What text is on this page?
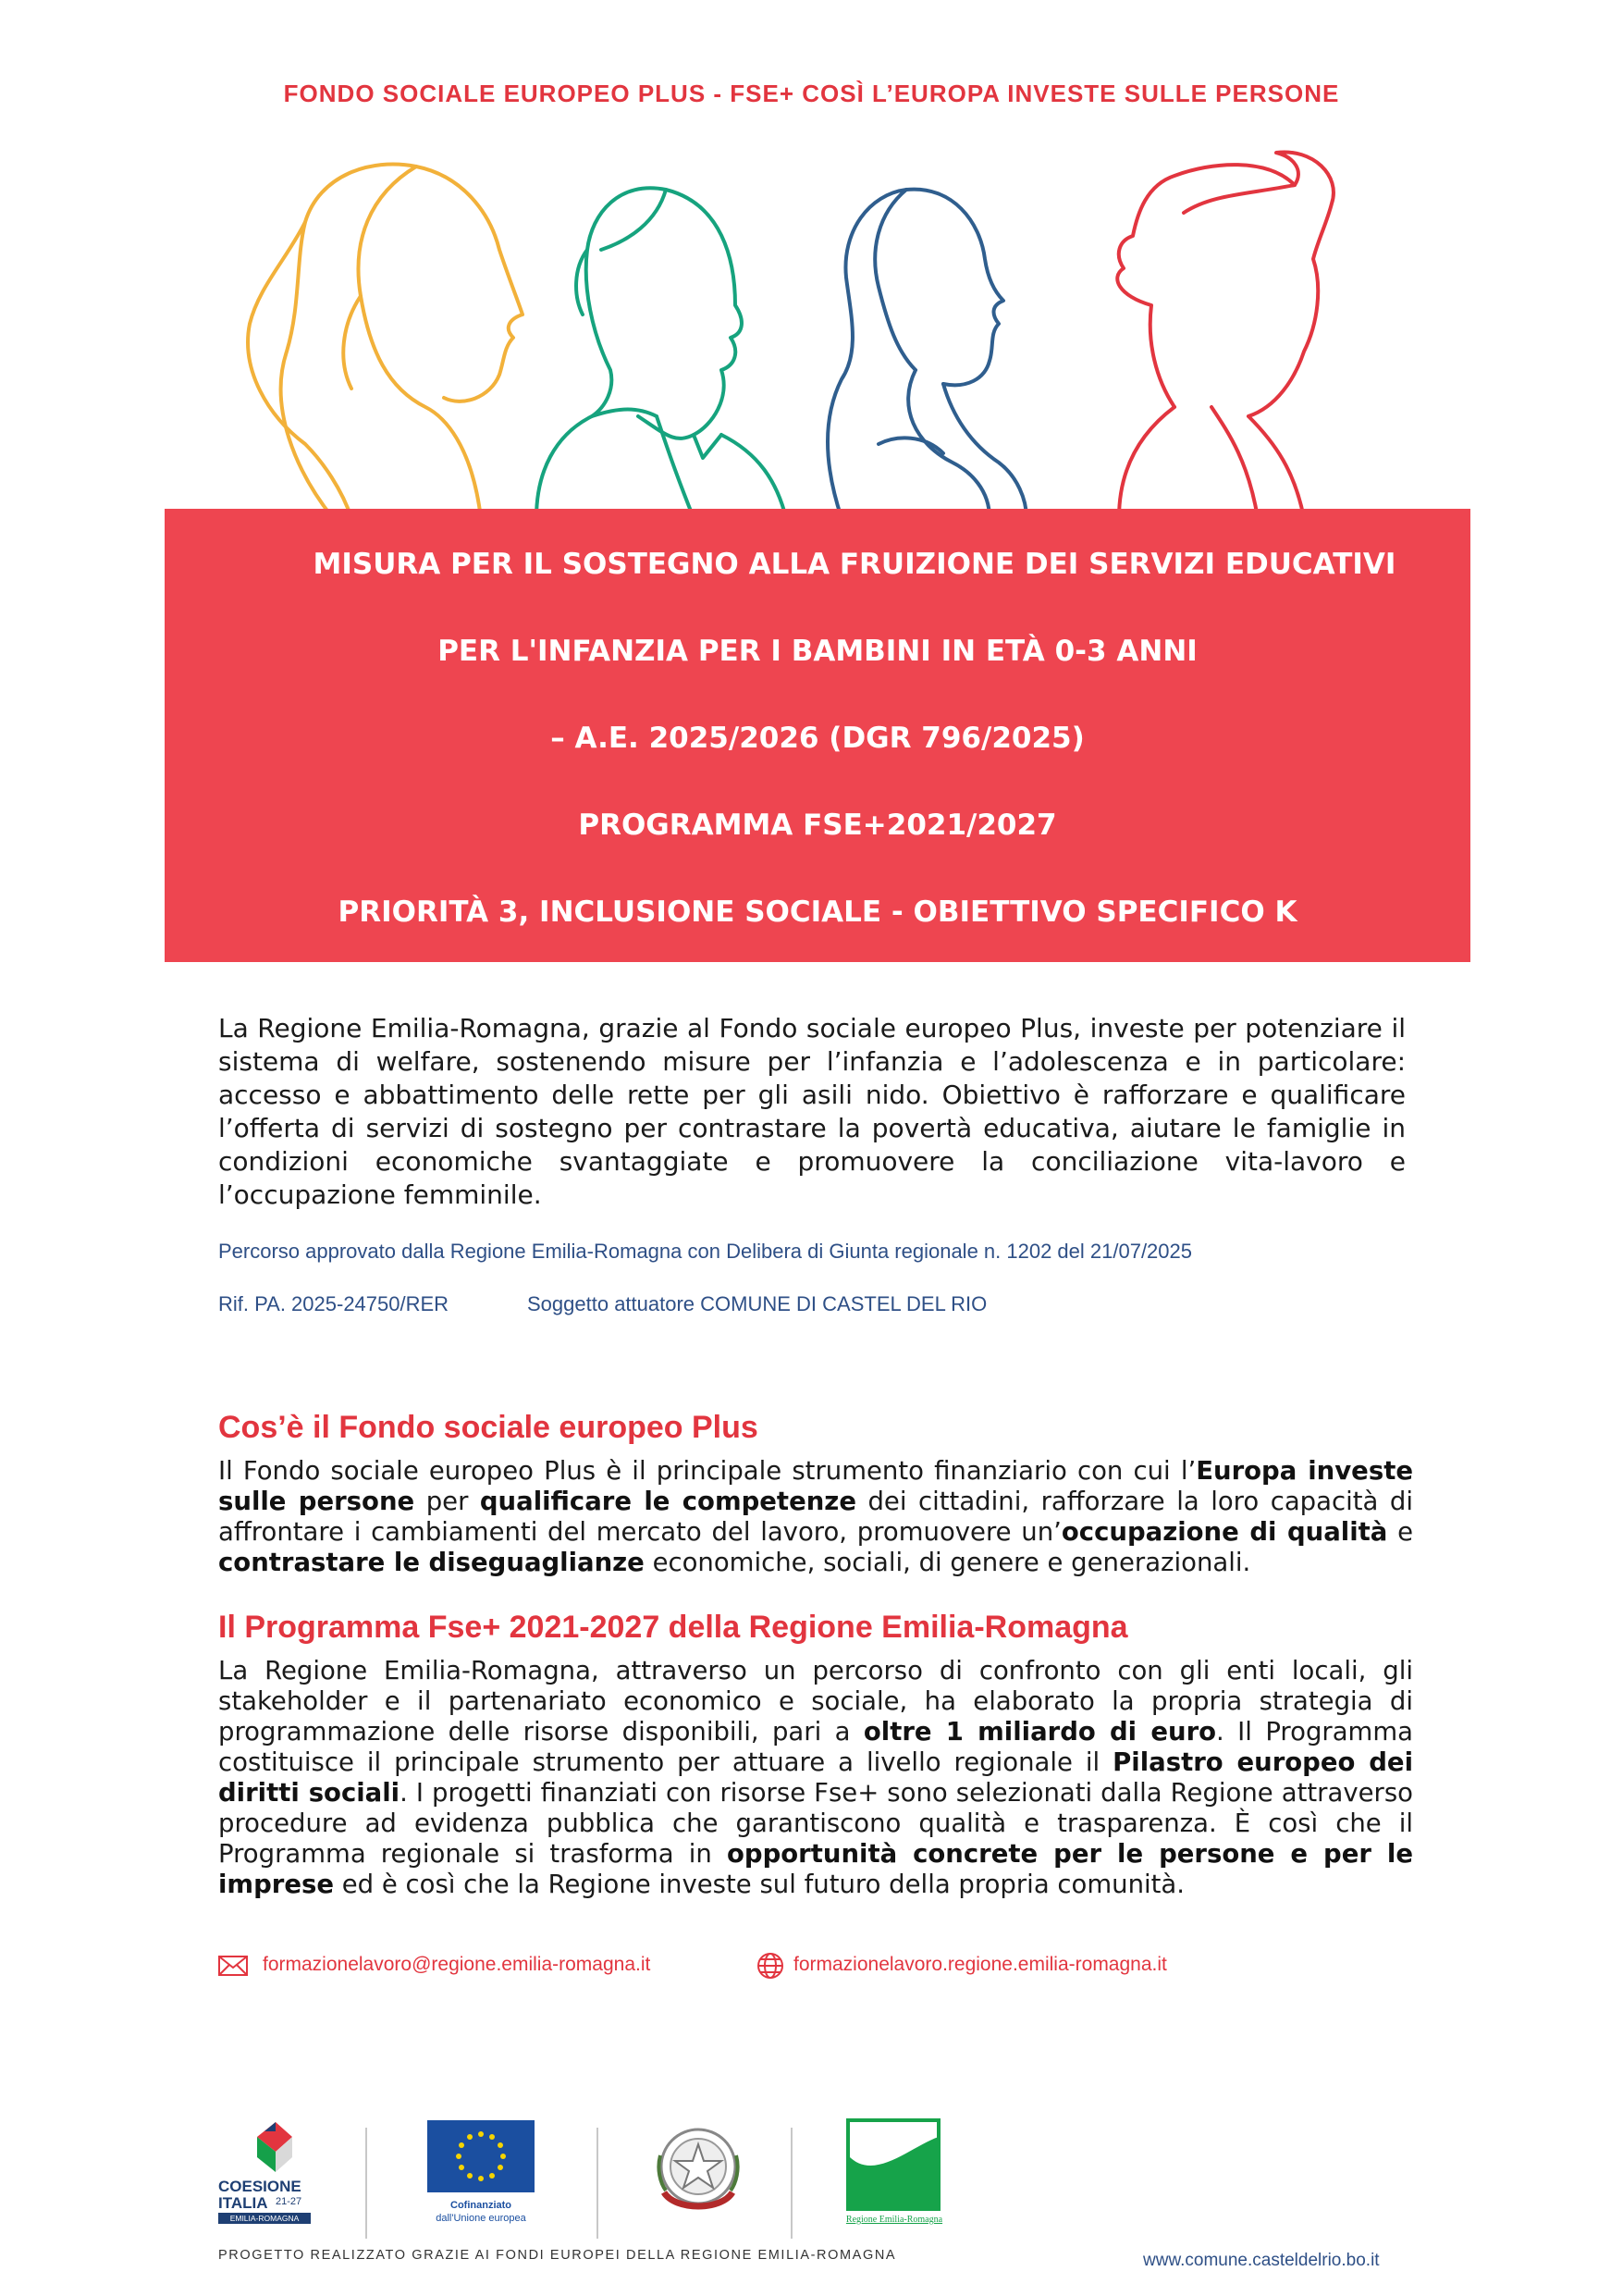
FONDO SOCIALE EUROPEO PLUS - FSE+ COSÌ L’EUROPA INVESTE SULLE PERSONE
MISURA PER IL SOSTEGNO ALLA FRUIZIONE DEI SERVIZI EDUCATIVI
PER L'INFANZIA PER I BAMBINI IN ETÀ 0-3 ANNI
– A.E. 2025/2026 (DGR 796/2025)
PROGRAMMA FSE+2021/2027
PRIORITÀ 3, INCLUSIONE SOCIALE - OBIETTIVO SPECIFICO K
La Regione Emilia-Romagna, grazie al Fondo sociale europeo Plus, investe per potenziare il sistema di welfare, sostenendo misure per l’infanzia e l’adolescenza e in particolare: accesso e abbattimento delle rette per gli asili nido. Obiettivo è rafforzare e qualificare l’offerta di servizi di sostegno per contrastare la povertà educativa, aiutare le famiglie in condizioni economiche svantaggiate e promuovere la conciliazione vita-lavoro e l’occupazione femminile.
Percorso approvato dalla Regione Emilia-Romagna con Delibera di Giunta regionale n. 1202 del 21/07/2025
Rif. PA. 2025-24750/RER	Soggetto attuatore COMUNE DI CASTEL DEL RIO
Cos’è il Fondo sociale europeo Plus
Il Fondo sociale europeo Plus è il principale strumento finanziario con cui l’Europa investe sulle persone per qualificare le competenze dei cittadini, rafforzare la loro capacità di affrontare i cambiamenti del mercato del lavoro, promuovere un’occupazione di qualità e contrastare le diseguaglianze economiche, sociali, di genere e generazionali.
Il Programma Fse+ 2021-2027 della Regione Emilia-Romagna
La Regione Emilia-Romagna, attraverso un percorso di confronto con gli enti locali, gli stakeholder e il partenariato economico e sociale, ha elaborato la propria strategia di programmazione delle risorse disponibili, pari a oltre 1 miliardo di euro. Il Programma costituisce il principale strumento per attuare a livello regionale il Pilastro europeo dei diritti sociali. I progetti finanziati con risorse Fse+ sono selezionati dalla Regione attraverso procedure ad evidenza pubblica che garantiscono qualità e trasparenza. È così che il Programma regionale si trasforma in opportunità concrete per le persone e per le imprese ed è così che la Regione investe sul futuro della propria comunità.
formazionelavoro@regione.emilia-romagna.it	formazionelavoro.regione.emilia-romagna.it
COESIONE
ITALIA 21-27
EMILIA-ROMAGNA
Cofinanziato
dall'Unione europea	Regione Emilia-Romagna
PROGETTO REALIZZATO GRAZIE AI FONDI EUROPEI DELLA REGIONE EMILIA-ROMAGNA	www.comune.casteldelrio.bo.it
